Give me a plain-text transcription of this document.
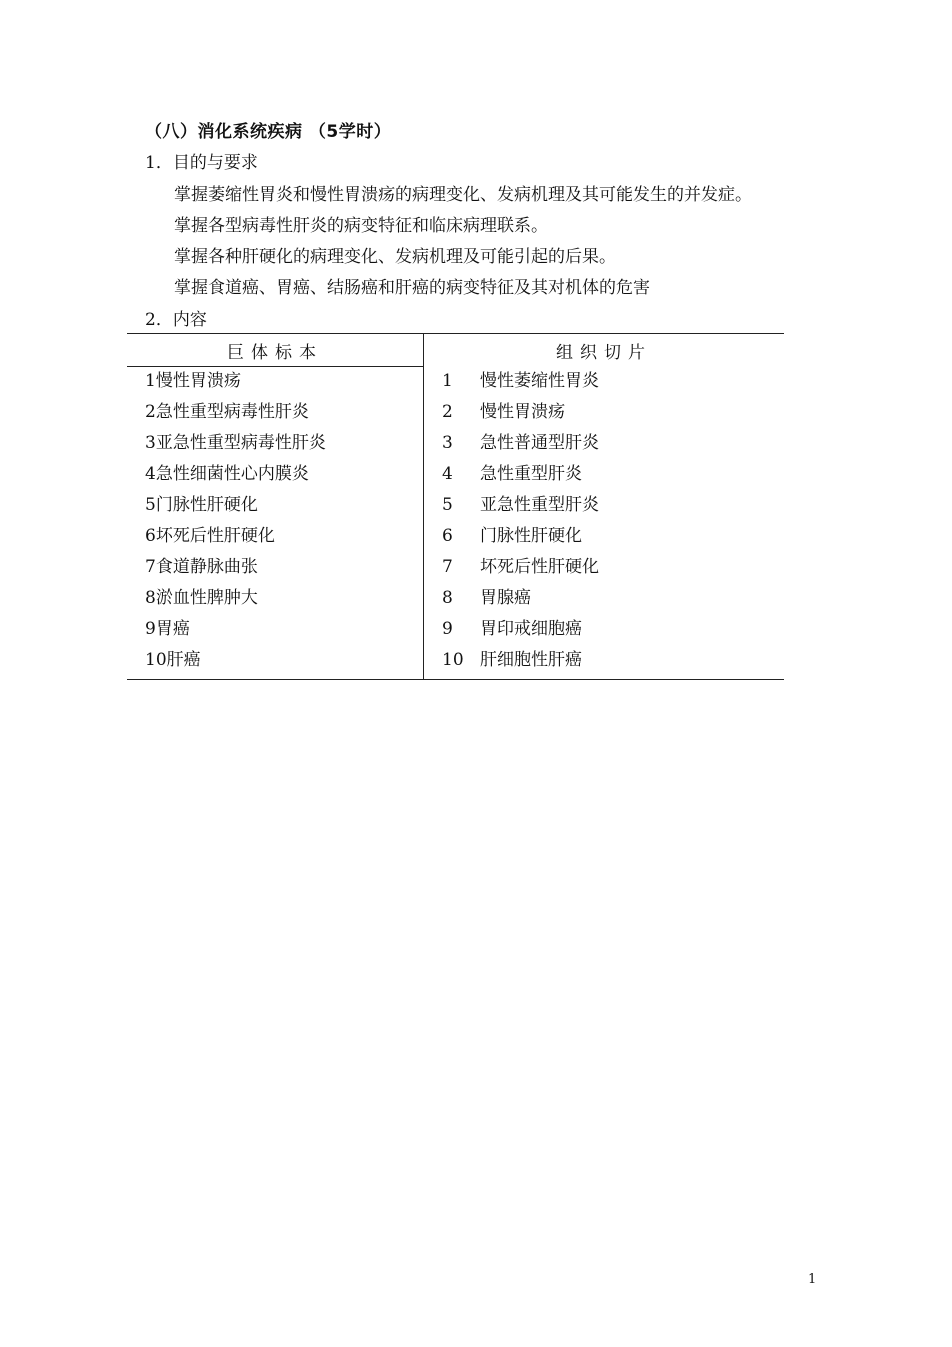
（八）消化系统疾病 （5学时）
1．目的与要求
掌握萎缩性胃炎和慢性胃溃疡的病理变化、发病机理及其可能发生的并发症。
掌握各型病毒性肝炎的病变特征和临床病理联系。
掌握各种肝硬化的病理变化、发病机理及可能引起的后果。
掌握食道癌、胃癌、结肠癌和肝癌的病变特征及其对机体的危害
2．内容
巨体标本	组织切片
1慢性胃溃疡
2急性重型病毒性肝炎
3亚急性重型病毒性肝炎
4急性细菌性心内膜炎
5门脉性肝硬化
6坏死后性肝硬化
7食道静脉曲张
8淤血性脾肿大
9胃癌
10肝癌
1 慢性萎缩性胃炎
2 慢性胃溃疡
3 急性普通型肝炎
4 急性重型肝炎
5 亚急性重型肝炎
6 门脉性肝硬化
7 坏死后性肝硬化
8 胃腺癌
9 胃印戒细胞癌
10 肝细胞性肝癌
1
